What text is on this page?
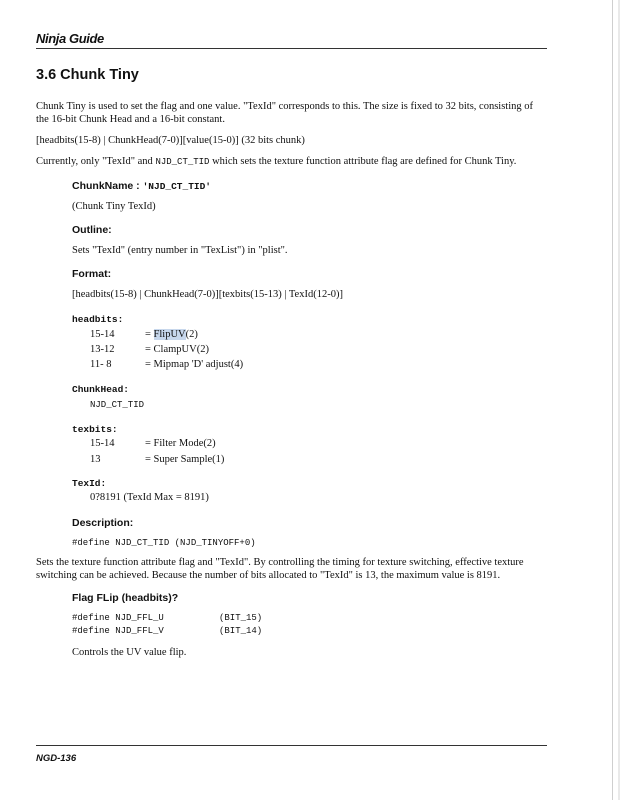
Ninja Guide
3.6 Chunk Tiny
Chunk Tiny is used to set the flag and one value. "TexId" corresponds to this. The size is fixed to 32 bits, consisting of the 16-bit Chunk Head and a 16-bit constant.
[headbits(15-8) | ChunkHead(7-0)][value(15-0)] (32 bits chunk)
Currently, only "TexId" and NJD_CT_TID which sets the texture function attribute flag are defined for Chunk Tiny.
ChunkName : 'NJD_CT_TID'
(Chunk Tiny TexId)
Outline:
Sets "TexId" (entry number in "TexList") in "plist".
Format:
[headbits(15-8) | ChunkHead(7-0)][texbits(15-13) | TexId(12-0)]
headbits:
15-14	= FlipUV(2)
13-12	= ClampUV(2)
11- 8	= Mipmap 'D' adjust(4)
ChunkHead:
NJD_CT_TID
texbits:
15-14	= Filter Mode(2)
13	= Super Sample(1)
TexId:
0?8191 (TexId Max = 8191)
Description:
#define NJD_CT_TID (NJD_TINYOFF+0)
Sets the texture function attribute flag and "TexId". By controlling the timing for texture switching, effective texture switching can be achieved. Because the number of bits allocated to "TexId" is 13, the maximum value is 8191.
Flag FLip (headbits)?
#define NJD_FFL_U	(BIT_15)
#define NJD_FFL_V	(BIT_14)
Controls the UV value flip.
NGD-136
